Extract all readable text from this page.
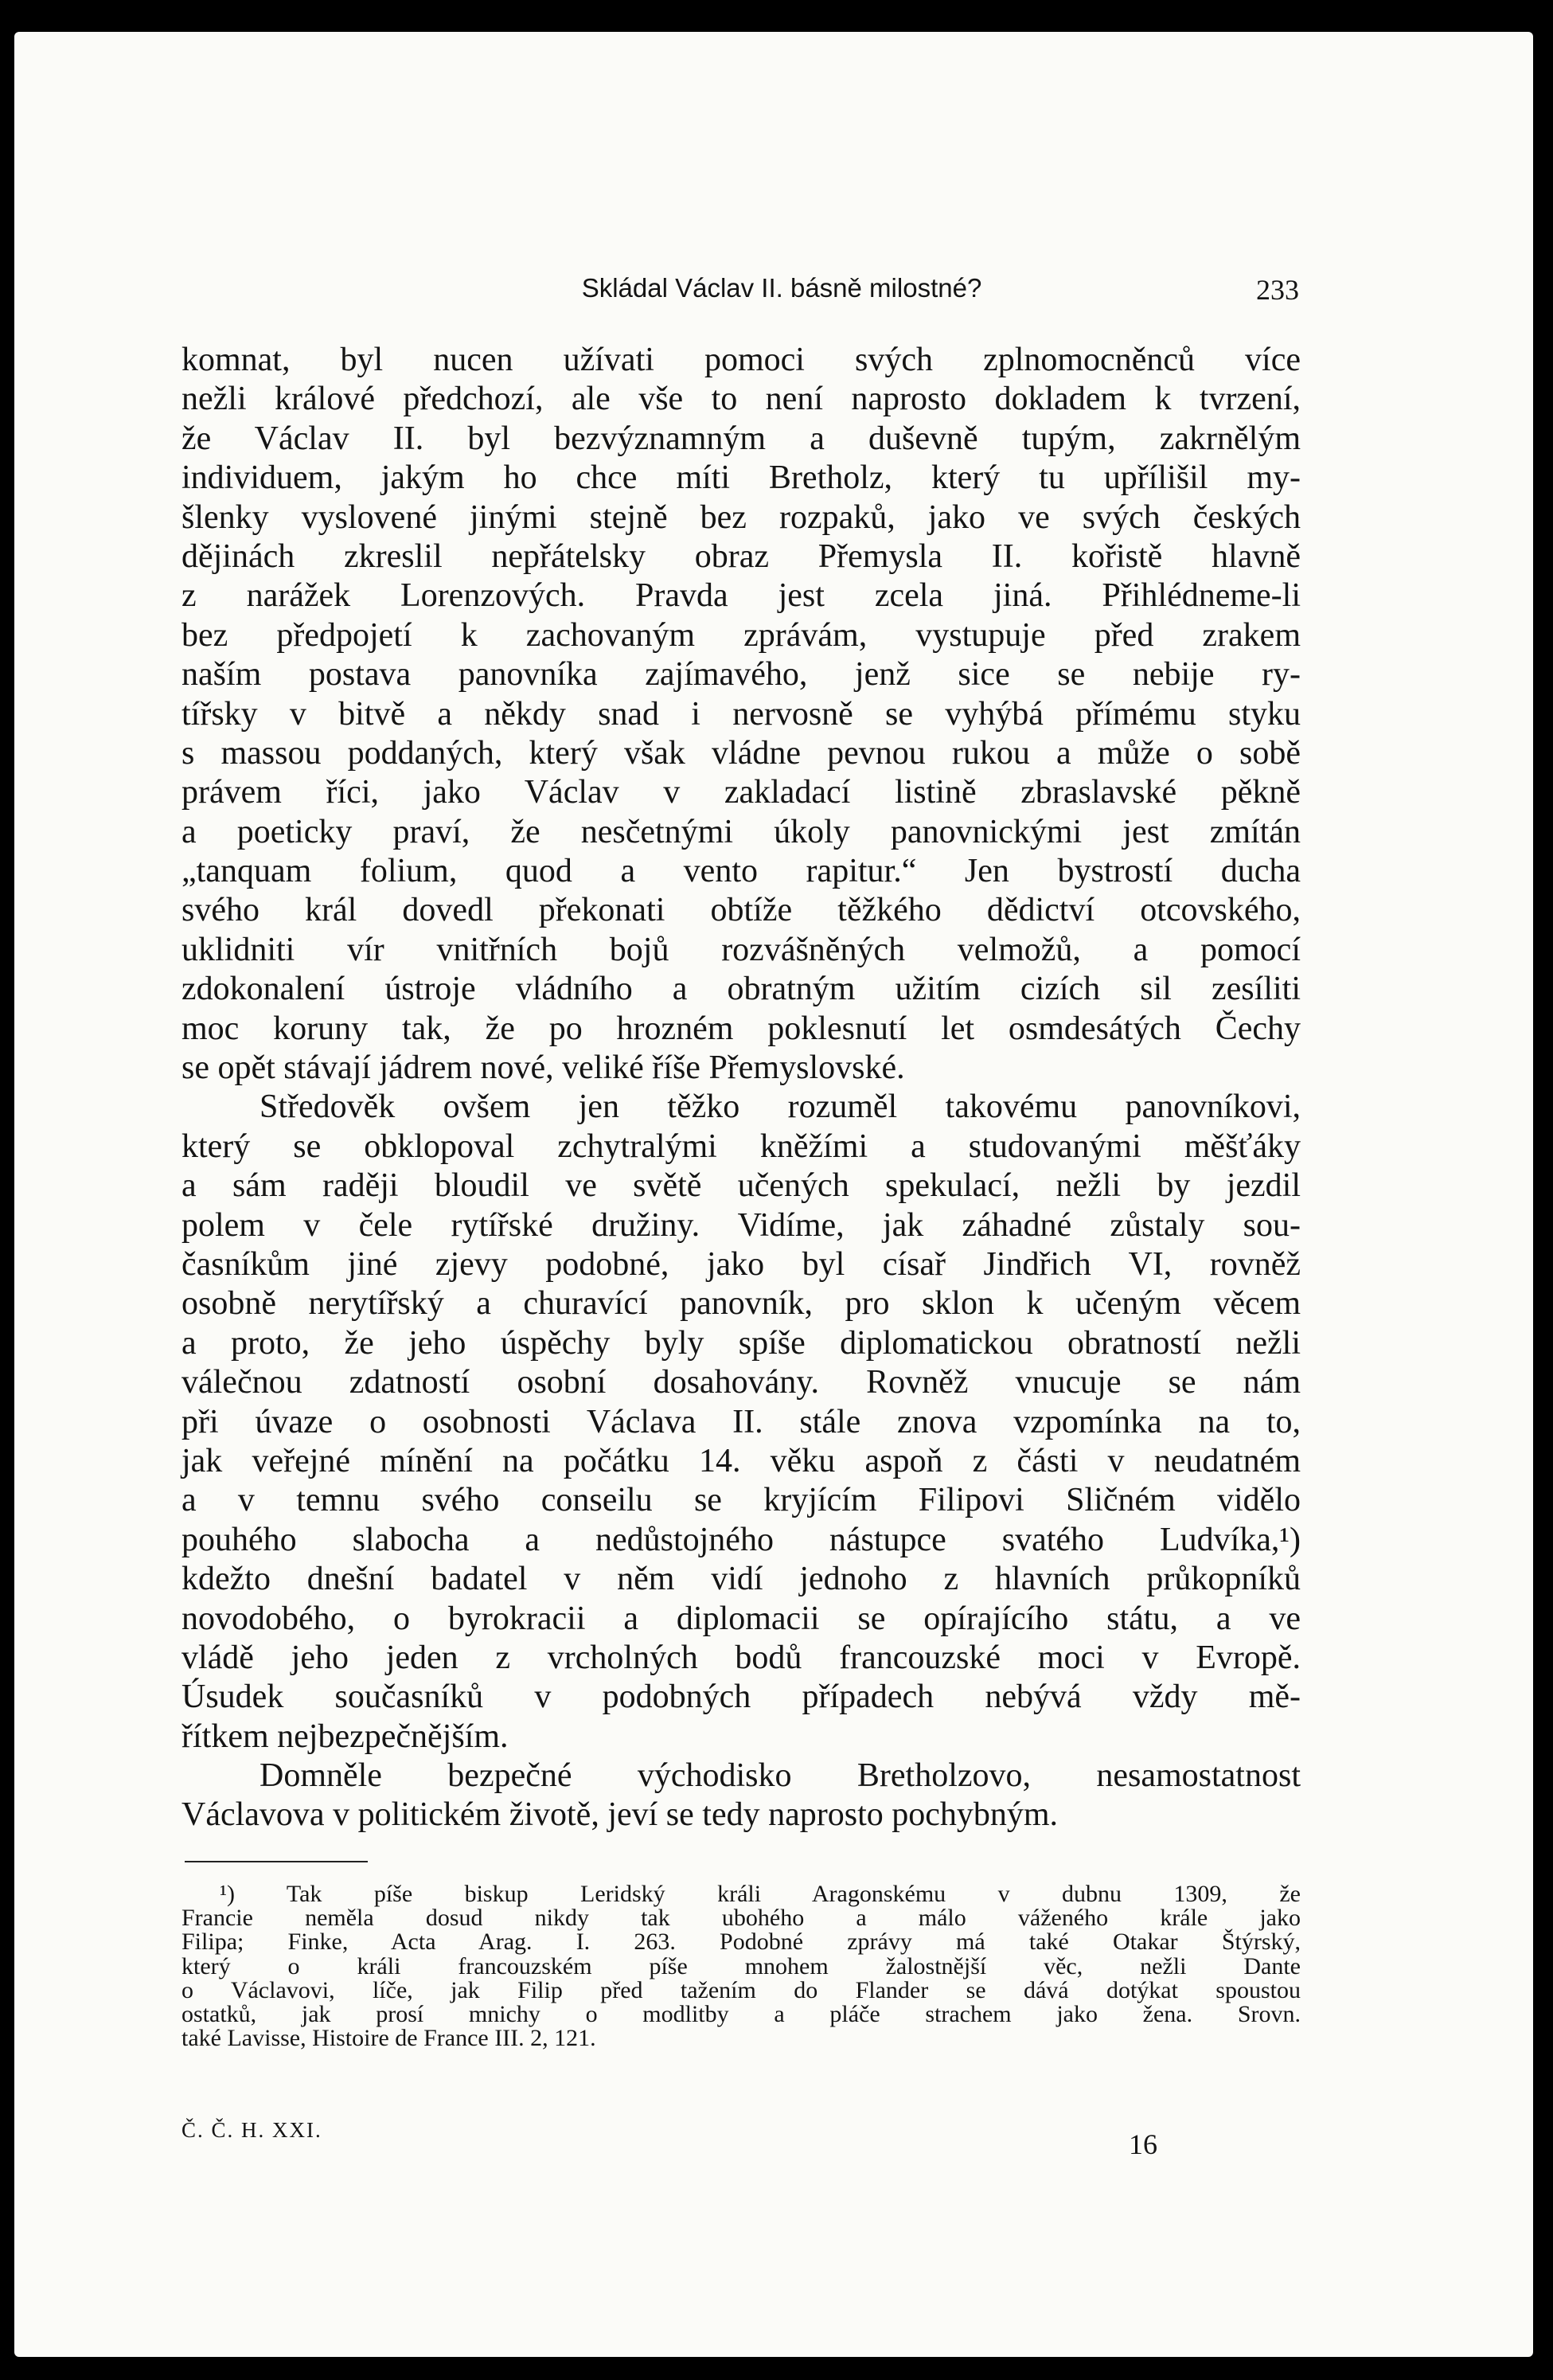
Skládal Václav II. básně milostné?	233
komnat, byl nucen užívati pomoci svých zplnomocněnců více
nežli králové předchozí, ale vše to není naprosto dokladem k tvrzení,
že Václav II. byl bezvýznamným a duševně tupým, zakrnělým
individuem, jakým ho chce míti Bretholz, který tu upřílišil my-
šlenky vyslovené jinými stejně bez rozpaků, jako ve svých českých
dějinách zkreslil nepřátelsky obraz Přemysla II. kořistě hlavně
z narážek Lorenzových. Pravda jest zcela jiná. Přihlédneme-li
bez předpojetí k zachovaným zprávám, vystupuje před zrakem
naším postava panovníka zajímavého, jenž sice se nebije ry-
tířsky v bitvě a někdy snad i nervosně se vyhýbá přímému styku
s massou poddaných, který však vládne pevnou rukou a může o sobě
právem říci, jako Václav v zakladací listině zbraslavské pěkně
a poeticky praví, že nesčetnými úkoly panovnickými jest zmítán
„tanquam folium, quod a vento rapitur.“ Jen bystrostí ducha
svého král dovedl překonati obtíže těžkého dědictví otcovského,
uklidniti vír vnitřních bojů rozvášněných velmožů, a pomocí
zdokonalení ústroje vládního a obratným užitím cizích sil zesíliti
moc koruny tak, že po hrozném poklesnutí let osmdesátých Čechy
se opět stávají jádrem nové, veliké říše Přemyslovské.
Středověk ovšem jen těžko rozuměl takovému panovníkovi,
který se obklopoval zchytralými kněžími a studovanými měšťáky
a sám raději bloudil ve světě učených spekulací, nežli by jezdil
polem v čele rytířské družiny. Vidíme, jak záhadné zůstaly sou-
časníkům jiné zjevy podobné, jako byl císař Jindřich VI, rovněž
osobně nerytířský a churavící panovník, pro sklon k učeným věcem
a proto, že jeho úspěchy byly spíše diplomatickou obratností nežli
válečnou zdatností osobní dosahovány. Rovněž vnucuje se nám
při úvaze o osobnosti Václava II. stále znova vzpomínka na to,
jak veřejné mínění na počátku 14. věku aspoň z části v neudatném
a v temnu svého conseilu se kryjícím Filipovi Sličném vidělo
pouhého slabocha a nedůstojného nástupce svatého Ludvíka,¹)
kdežto dnešní badatel v něm vidí jednoho z hlavních průkopníků
novodobého, o byrokracii a diplomacii se opírajícího státu, a ve
vládě jeho jeden z vrcholných bodů francouzské moci v Evropě.
Úsudek současníků v podobných případech nebývá vždy mě-
řítkem nejbezpečnějším.
Domněle bezpečné východisko Bretholzovo, nesamostatnost
Václavova v politickém životě, jeví se tedy naprosto pochybným.
¹) Tak píše biskup Leridský králi Aragonskému v dubnu 1309, že
Francie neměla dosud nikdy tak ubohého a málo váženého krále jako
Filipa; Finke, Acta Arag. I. 263. Podobné zprávy má také Otakar Štýrský,
který o králi francouzském píše mnohem žalostnější věc, nežli Dante
o Václavovi, líče, jak Filip před tažením do Flander se dává dotýkat spoustou
ostatků, jak prosí mnichy o modlitby a pláče strachem jako žena. Srovn.
také Lavisse, Histoire de France III. 2, 121.
Č. Č. H. XXI.	16
